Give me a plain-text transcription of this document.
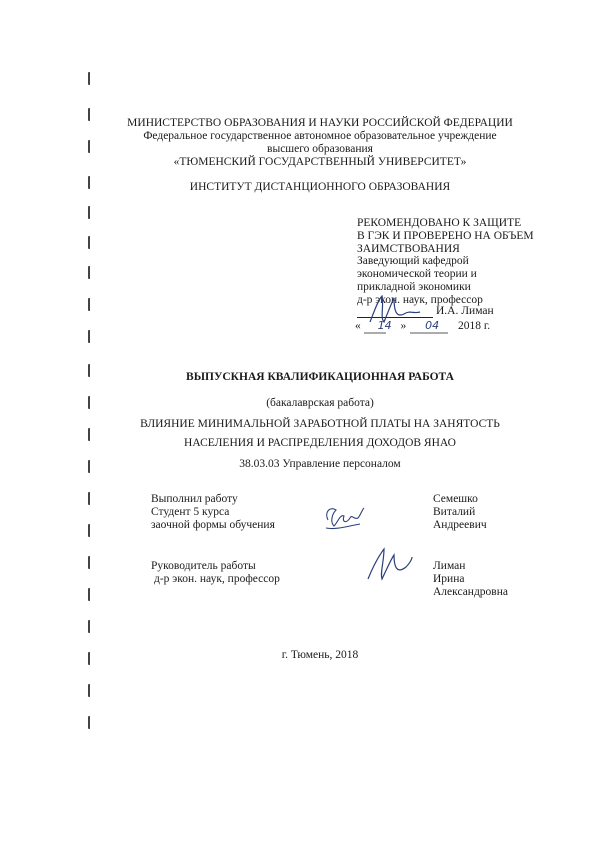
МИНИСТЕРСТВО ОБРАЗОВАНИЯ И НАУКИ РОССИЙСКОЙ ФЕДЕРАЦИИ
Федеральное государственное автономное образовательное учреждение
высшего образования
«ТЮМЕНСКИЙ ГОСУДАРСТВЕННЫЙ УНИВЕРСИТЕТ»
ИНСТИТУТ ДИСТАНЦИОННОГО ОБРАЗОВАНИЯ
РЕКОМЕНДОВАНО К ЗАЩИТЕ
В ГЭК И ПРОВЕРЕНО НА ОБЪЕМ
ЗАИМСТВОВАНИЯ
Заведующий кафедрой
экономической теории и
прикладной экономики
д-р экон. наук, профессор
И.А. Лиман
« 14 » 04 2018 г.
ВЫПУСКНАЯ КВАЛИФИКАЦИОННАЯ РАБОТА
(бакалаврская работа)
ВЛИЯНИЕ МИНИМАЛЬНОЙ ЗАРАБОТНОЙ ПЛАТЫ НА ЗАНЯТОСТЬ
НАСЕЛЕНИЯ И РАСПРЕДЕЛЕНИЯ ДОХОДОВ ЯНАО
38.03.03 Управление персоналом
Выполнил работу
Студент 5 курса
заочной формы обучения
Семешко
Виталий
Андреевич
Руководитель работы
д-р экон. наук, профессор
Лиман
Ирина
Александровна
г. Тюмень, 2018
